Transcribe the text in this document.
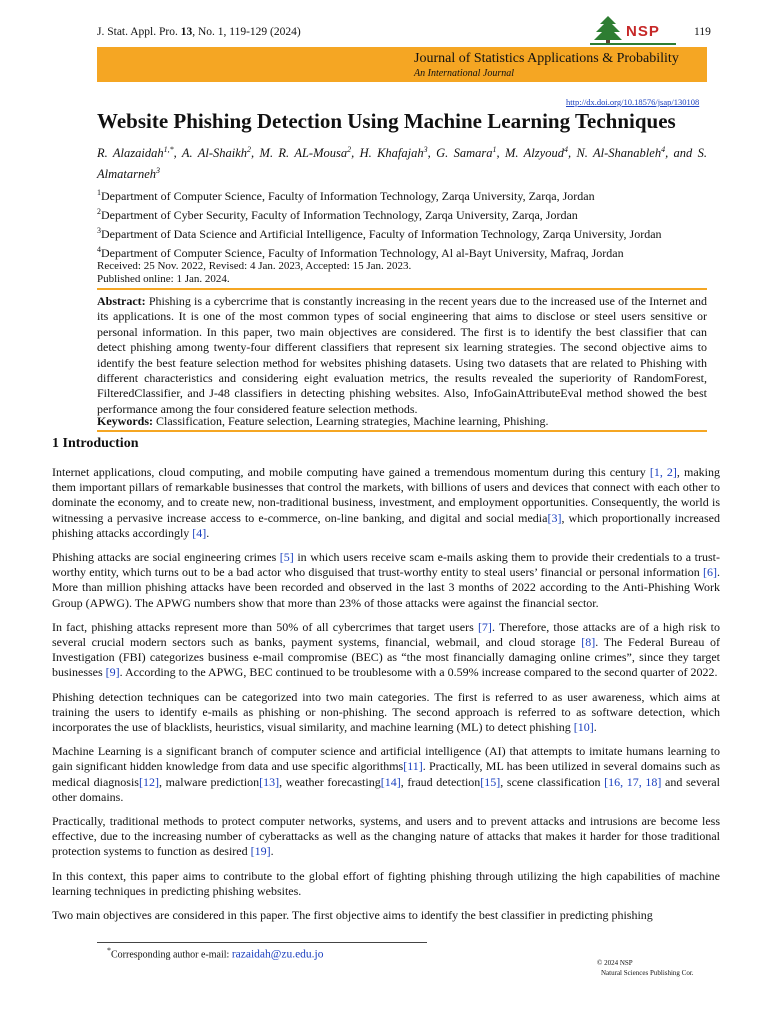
J. Stat. Appl. Pro. 13, No. 1, 119-129 (2024)	NSP	119
Journal of Statistics Applications & Probability
An International Journal
http://dx.doi.org/10.18576/jsap/130108
Website Phishing Detection Using Machine Learning Techniques
R. Alazaidah$^{1,*}$, A. Al-Shaikh$^2$, M. R. AL-Mousa$^2$, H. Khafajah$^3$, G. Samara$^1$, M. Alzyoud$^4$, N. Al-Shanableh$^4$, and S. Almatarneh$^3$
$^1$Department of Computer Science, Faculty of Information Technology, Zarqa University, Zarqa, Jordan
$^2$Department of Cyber Security, Faculty of Information Technology, Zarqa University, Zarqa, Jordan
$^3$Department of Data Science and Artificial Intelligence, Faculty of Information Technology, Zarqa University, Jordan
$^4$Department of Computer Science, Faculty of Information Technology, Al al-Bayt University, Mafraq, Jordan
Received: 25 Nov. 2022, Revised: 4 Jan. 2023, Accepted: 15 Jan. 2023.
Published online: 1 Jan. 2024.
Abstract: Phishing is a cybercrime that is constantly increasing in the recent years due to the increased use of the Internet and its applications. It is one of the most common types of social engineering that aims to disclose or steel users sensitive or personal information. In this paper, two main objectives are considered. The first is to identify the best classifier that can detect phishing among twenty-four different classifiers that represent six learning strategies. The second objective aims to identify the best feature selection method for websites phishing datasets. Using two datasets that are related to Phishing with different characteristics and considering eight evaluation metrics, the results revealed the superiority of RandomForest, FilteredClassifier, and J-48 classifiers in detecting phishing websites. Also, InfoGainAttributeEval method showed the best performance among the four considered feature selection methods.
Keywords: Classification, Feature selection, Learning strategies, Machine learning, Phishing.
1 Introduction

Internet applications, cloud computing, and mobile computing have gained a tremendous momentum during this century [1, 2], making them important pillars of remarkable businesses that control the markets, with billions of users and devices that connect with each other to dominate the economy, and to create new, non-traditional business, investment, and employment opportunities. Consequently, the world is witnessing a pervasive increase access to e-commerce, on-line banking, and digital and social media[3], which proportionally increased phishing attacks accordingly [4].

Phishing attacks are social engineering crimes [5] in which users receive scam e-mails asking them to provide their credentials to a trust-worthy entity, which turns out to be a bad actor who disguised that trust-worthy entity to steal users’ financial or personal information [6]. More than million phishing attacks have been recorded and observed in the last 3 months of 2022 according to the Anti-Phishing Work Group (APWG). The APWG numbers show that more than 23% of those attacks were against the financial sector.

In fact, phishing attacks represent more than 50% of all cybercrimes that target users [7]. Therefore, those attacks are of a high risk to several crucial modern sectors such as banks, payment systems, financial, webmail, and cloud storage [8]. The Federal Bureau of Investigation (FBI) categorizes business e-mail compromise (BEC) as “the most financially damaging online crimes”, since they target businesses [9]. According to the APWG, BEC continued to be troublesome with a 0.59% increase compared to the second quarter of 2022.

Phishing detection techniques can be categorized into two main categories. The first is referred to as user awareness, which aims at training the users to identify e-mails as phishing or non-phishing. The second approach is referred to as software detection, which incorporates the use of blacklists, heuristics, visual similarity, and machine learning (ML) to detect phishing [10].

Machine Learning is a significant branch of computer science and artificial intelligence (AI) that attempts to imitate humans learning to gain significant hidden knowledge from data and use specific algorithms[11]. Practically, ML has been utilized in several domains such as medical diagnosis[12], malware prediction[13], weather forecasting[14], fraud detection[15], scene classification [16, 17, 18] and several other domains.

Practically, traditional methods to protect computer networks, systems, and users and to prevent attacks and intrusions are become less effective, due to the increasing number of cyberattacks as well as the changing nature of attacks that makes it harder for those traditional protection systems to function as desired [19].

In this context, this paper aims to contribute to the global effort of fighting phishing through utilizing the high capabilities of machine learning techniques in predicting phishing websites.

Two main objectives are considered in this paper. The first objective aims to identify the best classifier in predicting phishing

*Corresponding author e-mail: razaidah@zu.edu.jo
© 2024 NSP
Natural Sciences Publishing Cor.
